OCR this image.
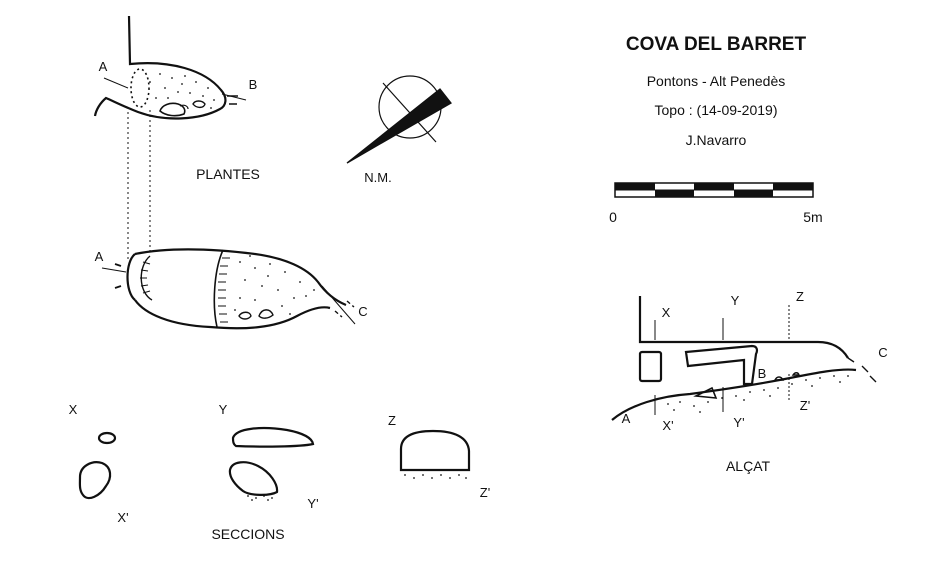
COVA DEL BARRET
Pontons - Alt Penedès
Topo : (14-09-2019)
J.Navarro
0	5m
N.M.
A
B
PLANTES
A
C
X
X'
Y
Y'
Z
Z'
SECCIONS
X
Y	Z
C
B
A X'	Y'
Z'
ALÇAT
